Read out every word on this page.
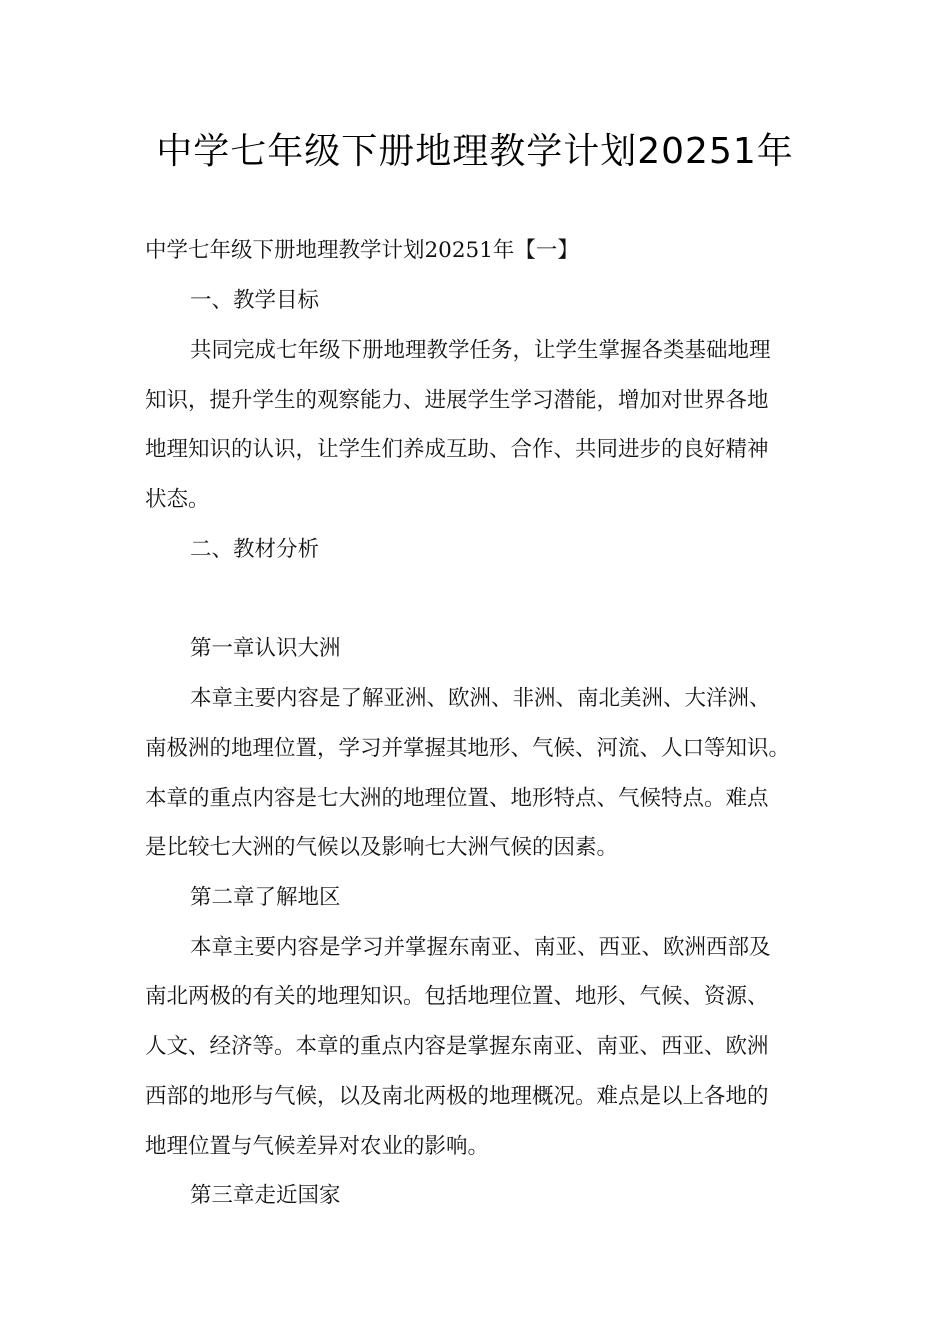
中学七年级下册地理教学计划20251年
中学七年级下册地理教学计划20251年【一】
一、教学目标
共同完成七年级下册地理教学任务，让学生掌握各类基础地理
知识，提升学生的观察能力、进展学生学习潜能，增加对世界各地
地理知识的认识，让学生们养成互助、合作、共同进步的良好精神
状态。
二、教材分析
第一章认识大洲
本章主要内容是了解亚洲、欧洲、非洲、南北美洲、大洋洲、
南极洲的地理位置，学习并掌握其地形、气候、河流、人口等知识。
本章的重点内容是七大洲的地理位置、地形特点、气候特点。难点
是比较七大洲的气候以及影响七大洲气候的因素。
第二章了解地区
本章主要内容是学习并掌握东南亚、南亚、西亚、欧洲西部及
南北两极的有关的地理知识。包括地理位置、地形、气候、资源、
人文、经济等。本章的重点内容是掌握东南亚、南亚、西亚、欧洲
西部的地形与气候，以及南北两极的地理概况。难点是以上各地的
地理位置与气候差异对农业的影响。
第三章走近国家
